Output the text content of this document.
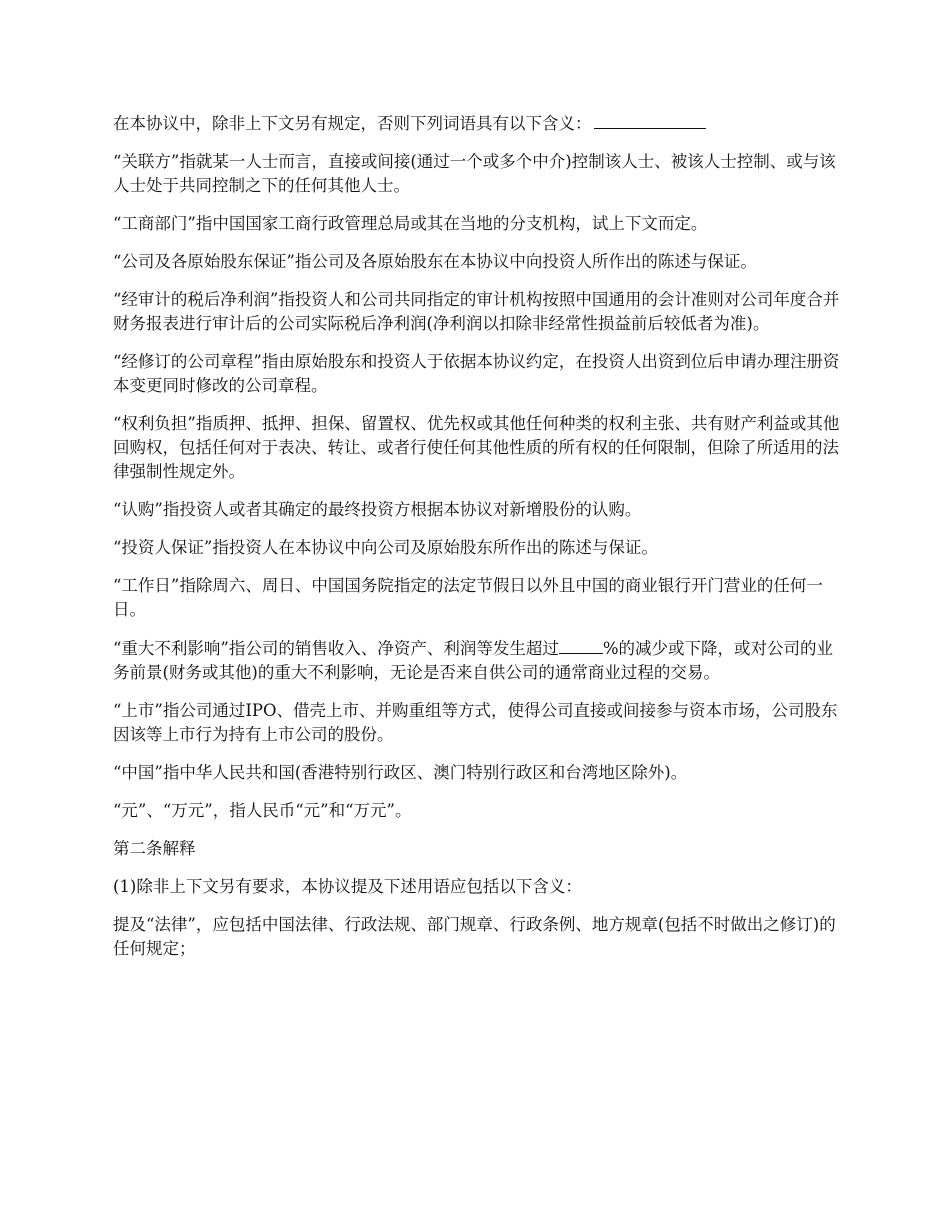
在本协议中，除非上下文另有规定，否则下列词语具有以下含义：

“关联方”指就某一人士而言，直接或间接(通过一个或多个中介)控制该人士、被该人士控制、或与该人士处于共同控制之下的任何其他人士。

“工商部门”指中国国家工商行政管理总局或其在当地的分支机构，试上下文而定。

“公司及各原始股东保证”指公司及各原始股东在本协议中向投资人所作出的陈述与保证。

“经审计的税后净利润”指投资人和公司共同指定的审计机构按照中国通用的会计准则对公司年度合并财务报表进行审计后的公司实际税后净利润(净利润以扣除非经常性损益前后较低者为准)。

“经修订的公司章程”指由原始股东和投资人于依据本协议约定，在投资人出资到位后申请办理注册资本变更同时修改的公司章程。

“权利负担”指质押、抵押、担保、留置权、优先权或其他任何种类的权利主张、共有财产利益或其他回购权，包括任何对于表决、转让、或者行使任何其他性质的所有权的任何限制，但除了所适用的法律强制性规定外。

“认购”指投资人或者其确定的最终投资方根据本协议对新增股份的认购。

“投资人保证”指投资人在本协议中向公司及原始股东所作出的陈述与保证。

“工作日”指除周六、周日、中国国务院指定的法定节假日以外且中国的商业银行开门营业的任何一日。

“重大不利影响”指公司的销售收入、净资产、利润等发生超过	%的减少或下降，或对公司的业务前景(财务或其他)的重大不利影响，无论是否来自供公司的通常商业过程的交易。

“上市”指公司通过IPO、借壳上市、并购重组等方式，使得公司直接或间接参与资本市场，公司股东因该等上市行为持有上市公司的股份。

“中国”指中华人民共和国(香港特别行政区、澳门特别行政区和台湾地区除外)。

“元”、“万元”，指人民币“元”和“万元”。

第二条解释

(1)除非上下文另有要求，本协议提及下述用语应包括以下含义：

提及“法律”，应包括中国法律、行政法规、部门规章、行政条例、地方规章(包括不时做出之修订)的任何规定；
